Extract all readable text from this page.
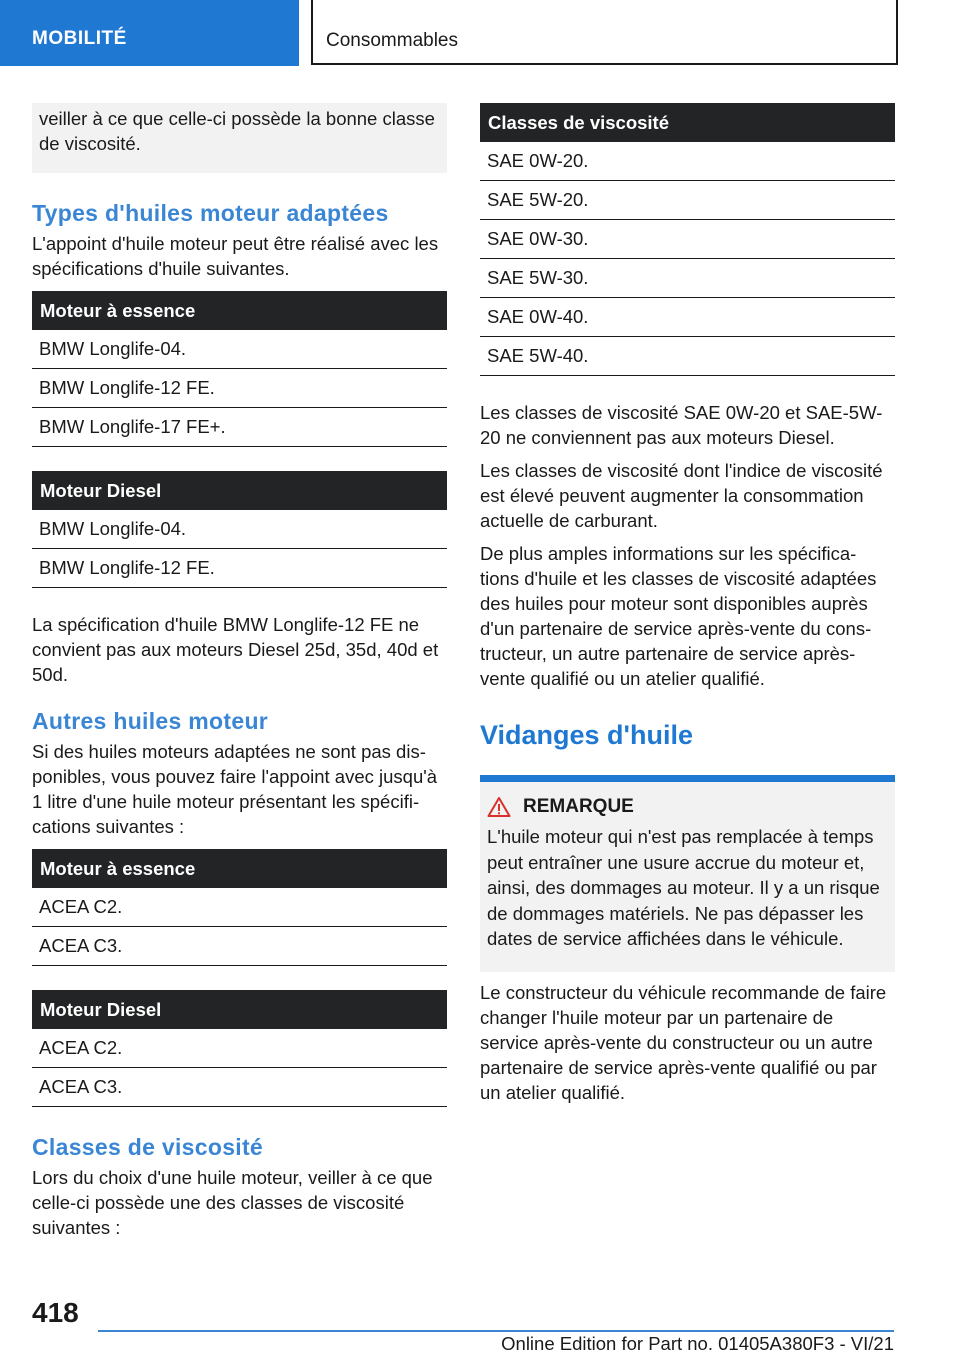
MOBILITÉ	Consommables

veiller à ce que celle-ci possède la bonne classe de viscosité.

Types d'huiles moteur adaptées

L'appoint d'huile moteur peut être réalisé avec les spécifications d'huile suivantes.

Moteur à essence
BMW Longlife-04.
BMW Longlife-12 FE.
BMW Longlife-17 FE+.
Moteur Diesel
BMW Longlife-04.
BMW Longlife-12 FE.

La spécification d'huile BMW Longlife-12 FE ne convient pas aux moteurs Diesel 25d, 35d, 40d et 50d.

Autres huiles moteur

Si des huiles moteurs adaptées ne sont pas dis-ponibles, vous pouvez faire l'appoint avec jusqu'à 1 litre d'une huile moteur présentant les spécifi-cations suivantes :

Moteur à essence
ACEA C2.
ACEA C3.
Moteur Diesel
ACEA C2.
ACEA C3.
Classes de viscosité

Lors du choix d'une huile moteur, veiller à ce que celle-ci possède une des classes de viscosité suivantes :

Classes de viscosité
SAE 0W-20.
SAE 5W-20.
SAE 0W-30.
SAE 5W-30.
SAE 0W-40.
SAE 5W-40.

Les classes de viscosité SAE 0W-20 et SAE-5W-20 ne conviennent pas aux moteurs Diesel.

Les classes de viscosité dont l'indice de viscosité est élevé peuvent augmenter la consommation actuelle de carburant.

De plus amples informations sur les spécifica-tions d'huile et les classes de viscosité adaptées des huiles pour moteur sont disponibles auprès d'un partenaire de service après-vente du cons-tructeur, un autre partenaire de service après-vente qualifié ou un atelier qualifié.

Vidanges d'huile
REMARQUE

L'huile moteur qui n'est pas remplacée à temps peut entraîner une usure accrue du moteur et, ainsi, des dommages au moteur. Il y a un risque de dommages matériels. Ne pas dépasser les dates de service affichées dans le véhicule.

Le constructeur du véhicule recommande de faire changer l'huile moteur par un partenaire de service après-vente du constructeur ou un autre partenaire de service après-vente qualifié ou par un atelier qualifié.

418
Online Edition for Part no. 01405A380F3 - VI/21
